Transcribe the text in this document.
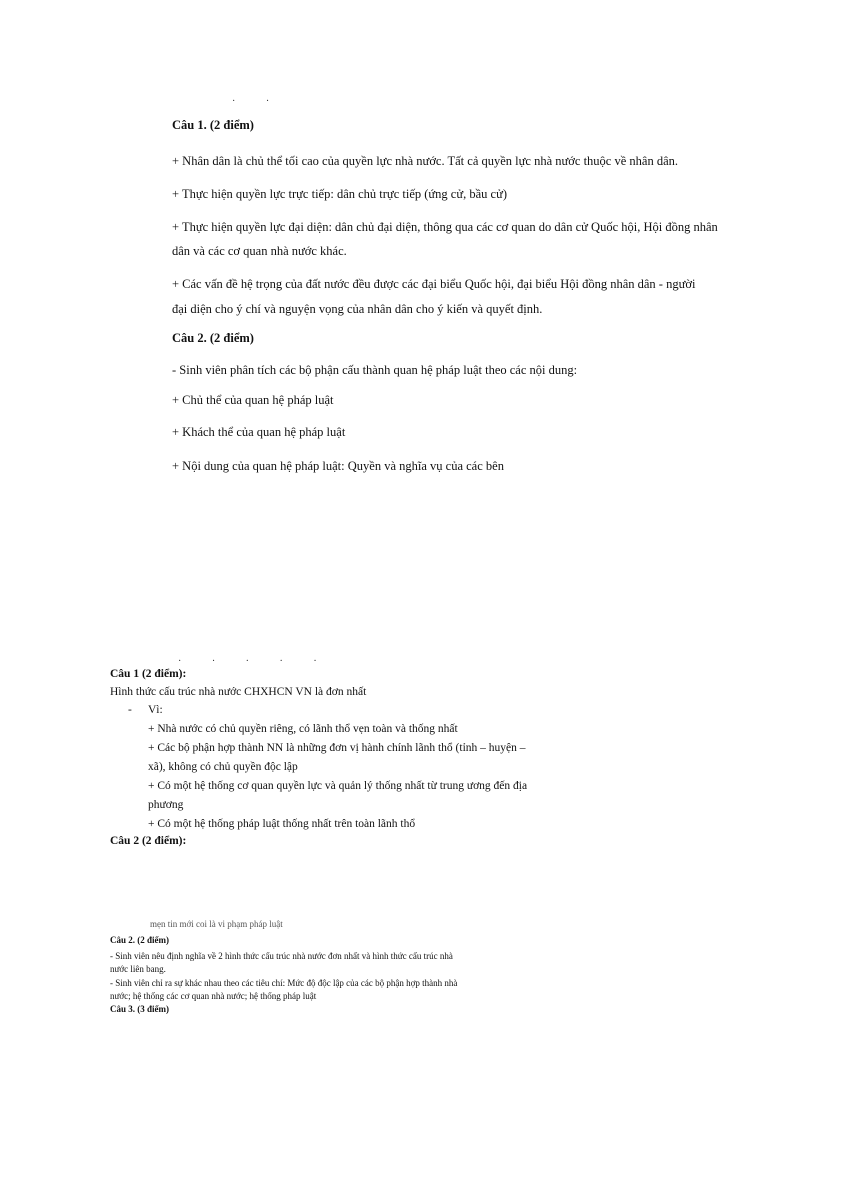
· ·
Câu 1. (2 điểm)
+ Nhân dân là chủ thể tối cao của quyền lực nhà nước. Tất cả quyền lực nhà nước thuộc về nhân dân.
+ Thực hiện quyền lực trực tiếp: dân chủ trực tiếp (ứng cử, bầu cử)
+ Thực hiện quyền lực đại diện: dân chủ đại diện, thông qua các cơ quan do dân cử Quốc hội, Hội đồng nhân
dân và các cơ quan nhà nước khác.
+ Các vấn đề hệ trọng của đất nước đều được các đại biểu Quốc hội, đại biểu Hội đồng nhân dân - người
đại diện cho ý chí và nguyện vọng của nhân dân cho ý kiến và quyết định.
Câu 2. (2 điểm)
- Sinh viên phân tích các bộ phận cấu thành quan hệ pháp luật theo các nội dung:
+ Chủ thể của quan hệ pháp luật
+ Khách thể của quan hệ pháp luật
+ Nội dung của quan hệ pháp luật: Quyền và nghĩa vụ của các bên
· · · · ·
Câu 1 (2 điểm):
Hình thức cấu trúc nhà nước CHXHCN VN là đơn nhất
- Vì:
+ Nhà nước có chủ quyền riêng, có lãnh thổ vẹn toàn và thống nhất
+ Các bộ phận hợp thành NN là những đơn vị hành chính lãnh thổ (tỉnh – huyện –
xã), không có chủ quyền độc lập
+ Có một hệ thống cơ quan quyền lực và quản lý thống nhất từ trung ương đến địa
phương
+ Có một hệ thống pháp luật thống nhất trên toàn lãnh thổ
Câu 2 (2 điểm):
mẹn tin mới coi là vi phạm pháp luật
Câu 2. (2 điểm)
- Sinh viên nêu định nghĩa về 2 hình thức cấu trúc nhà nước đơn nhất và hình thức cấu trúc nhà
nước liên bang.
- Sinh viên chỉ ra sự khác nhau theo các tiêu chí: Mức độ độc lập của các bộ phận hợp thành nhà
nước; hệ thống các cơ quan nhà nước; hệ thống pháp luật
Câu 3. (3 điểm)
